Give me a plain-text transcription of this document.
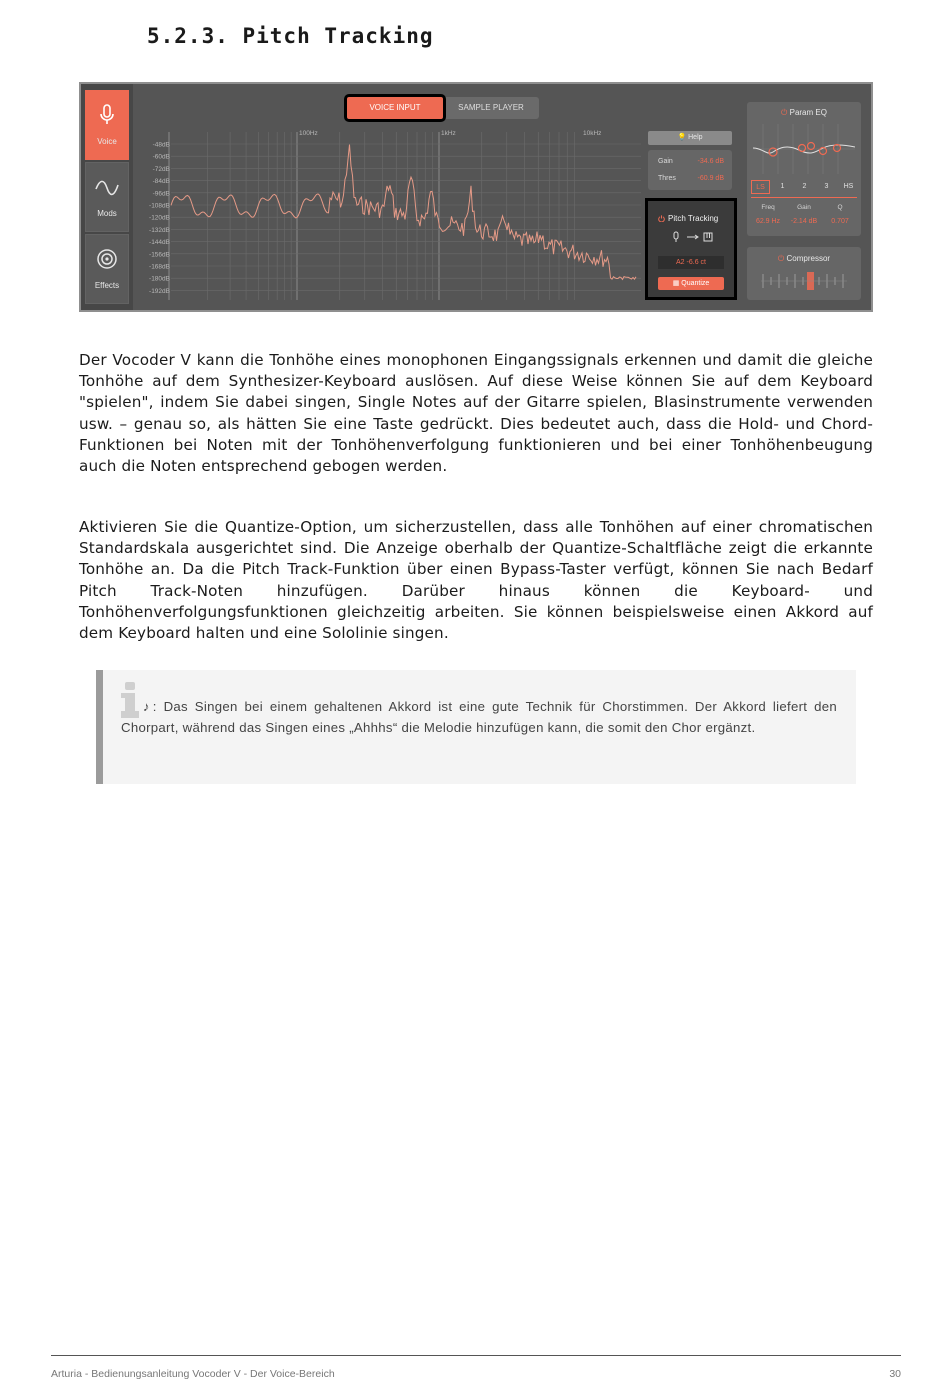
5.2.3. Pitch Tracking
Voice
Mods
Effects
VOICE INPUT	SAMPLE PLAYER
-48dB
-60dB
-72dB
-84dB
-96dB
-108dB
-120dB
-132dB
-144dB
-156dB
-168dB
-180dB
-192dB
100Hz	1kHz	10kHz
💡 Help
Gain	-34.6 dB
Thres	-60.9 dB
Pitch Tracking
A2 -6.6 ct
▦ Quantize
⏻ Param EQ
LS	1	2	3	HS
Freq	Gain	Q
62.9 Hz	-2.14 dB	0.707
⏻ Compressor

Der Vocoder V kann die Tonhöhe eines monophonen Eingangssignals erkennen und damit die gleiche Tonhöhe auf dem Synthesizer-Keyboard auslösen. Auf diese Weise können Sie auf dem Keyboard "spielen", indem Sie dabei singen, Single Notes auf der Gitarre spielen, Blasinstrumente verwenden usw. – genau so, als hätten Sie eine Taste gedrückt. Dies bedeutet auch, dass die Hold- und Chord-Funktionen bei Noten mit der Tonhöhenverfolgung funktionieren und bei einer Tonhöhenbeugung auch die Noten entsprechend gebogen werden.

Aktivieren Sie die Quantize-Option, um sicherzustellen, dass alle Tonhöhen auf einer chromatischen Standardskala ausgerichtet sind. Die Anzeige oberhalb der Quantize-Schaltfläche zeigt die erkannte Tonhöhe an. Da die Pitch Track-Funktion über einen Bypass-Taster verfügt, können Sie nach Bedarf Pitch Track-Noten hinzufügen. Darüber hinaus können die Keyboard- und Tonhöhenverfolgungsfunktionen gleichzeitig arbeiten. Sie können beispielsweise einen Akkord auf dem Keyboard halten und eine Sololinie singen.

♪: Das Singen bei einem gehaltenen Akkord ist eine gute Technik für Chorstimmen. Der Akkord liefert den Chorpart, während das Singen eines „Ahhhs“ die Melodie hinzufügen kann, die somit den Chor ergänzt.

Arturia - Bedienungsanleitung Vocoder V - Der Voice-Bereich	30
